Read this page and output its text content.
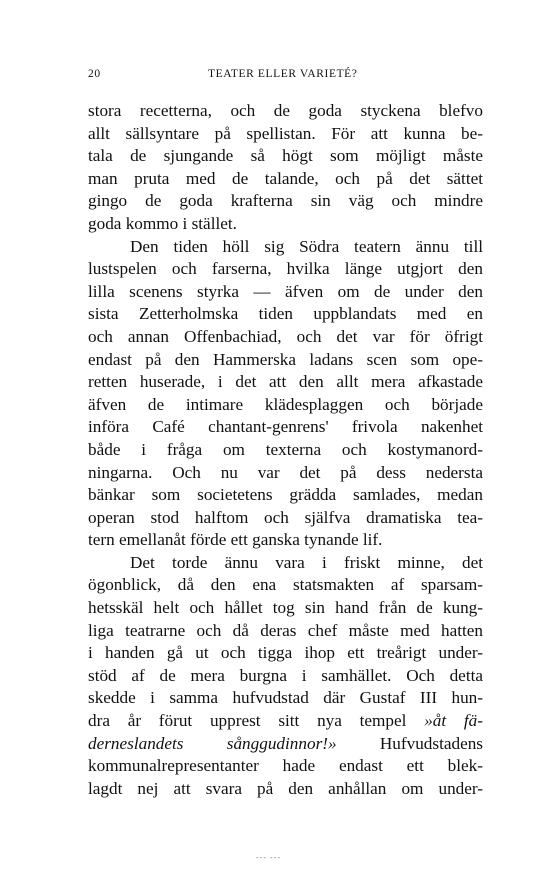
20	TEATER ELLER VARIETÉ?
stora recetterna, och de goda styckena blefvo
allt sällsyntare på spellistan. För att kunna be-
tala de sjungande så högt som möjligt måste
man pruta med de talande, och på det sättet
gingo de goda krafterna sin väg och mindre
goda kommo i stället.
Den tiden höll sig Södra teatern ännu till
lustspelen och farserna, hvilka länge utgjort den
lilla scenens styrka — äfven om de under den
sista Zetterholmska tiden uppblandats med en
och annan Offenbachiad, och det var för öfrigt
endast på den Hammerska ladans scen som ope-
retten huserade, i det att den allt mera afkastade
äfven de intimare klädesplaggen och började
införa Café chantant-genrens' frivola nakenhet
både i fråga om texterna och kostymanord-
ningarna. Och nu var det på dess nedersta
bänkar som societetens grädda samlades, medan
operan stod halftom och själfva dramatiska tea-
tern emellanåt förde ett ganska tynande lif.
Det torde ännu vara i friskt minne, det
ögonblick, då den ena statsmakten af sparsam-
hetsskäl helt och hållet tog sin hand från de kung-
liga teatrarne och då deras chef måste med hatten
i handen gå ut och tigga ihop ett treårigt under-
stöd af de mera burgna i samhället. Och detta
skedde i samma hufvudstad där Gustaf III hun-
dra år förut upprest sitt nya tempel »åt fä-
derneslandets sånggudinnor!»	Hufvudstadens
kommunalrepresentanter hade endast ett blek-
lagdt nej att svara på den anhållan om under-
--- ---
